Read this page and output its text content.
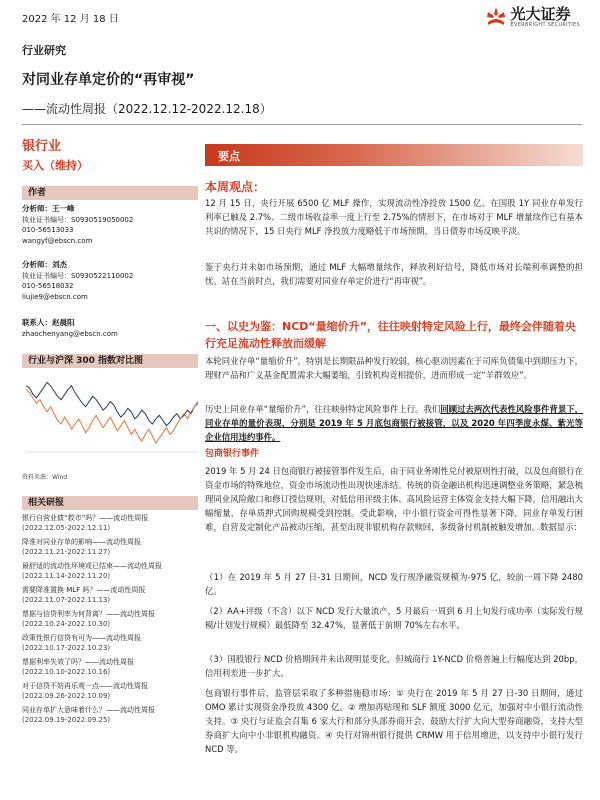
2022 年 12 月 18 日	光大证券
EVERBRIGHT SECURITIES
行业研究
对同业存单定价的“再审视”
——流动性周报（2022.12.12-2022.12.18）
银行业
买入（维持）
作者
分析师：王一峰
执业证书编号：S0930519050002
010-56513033
wangyf@ebscn.com
分析师：刘杰
执业证书编号：S0930522110002
010-56518032
liujie9@ebscn.com
联系人：赵晨阳
zhaochenyang@ebscn.com
行业与沪深 300 指数对比图
资料来源：Wind
相关研报
银行自营业债“救市”吗？——流动性周报
(2022.12.05-2022.12.11)
降准对同业存单的影响——流动性周报
(2022.11.21-2022.11.27)
最舒适的流动性环境或已结束——流动性周报
(2022.11.14-2022.11.20)
需要降准置换 MLF 吗？——流动性周报
(2022.11.07-2022.11.13)
票据与信贷利率为何背离？——流动性周报
(2022.10.24-2022.10.30)
政策性银行信贷有可为——流动性周报
(2022.10.17-2022.10.23)
票据利率失效了吗？——流动性周报
(2022.10.10-2022.10.16)
对于信贷不妨再乐观一点——流动性周报
(2022.09.26-2022.10.09)
同业存单扩大意味着什么？——流动性周报
(2022.09.19-2022.09.25)
要点
本周观点：
12 月 15 日，央行开展 6500 亿 MLF 操作，实现流动性净投放 1500 亿。在国股 1Y 同业存单发行利率已触及 2.7%、二级市场收益率一度上行至 2.75%的情形下，在市场对于 MLF 增量续作已有基本共识的情况下，15 日央行 MLF 净投放力度略低于市场预期，当日债券市场反映平淡。
鉴于央行并未如市场预期，通过 MLF 大幅增量续作，释放利好信号，降低市场对长端利率调整的担忧。站在当前时点，我们需要对同业存单定价进行“再审视”。
一、以史为鉴：NCD“量缩价升”，往往映射特定风险上行，最终会伴随着央行充足流动性释放而缓解
本轮同业存单“量缩价升”，特别是长期限品种发行较弱，核心驱动因素在于司库负债集中到期压力下，理财产品和广义基金配置需求大幅萎缩，引致机构竞相提价，进而形成一定“羊群效应”。
历史上同业存单“量缩价升”，往往映射特定风险事件上行。我们回顾过去两次代表性风险事件背景下，同业存单的量价表现，分别是 2019 年 5 月底包商银行被接管，以及 2020 年四季度永煤、紫光等企业信用违约事件。
包商银行事件
2019 年 5 月 24 日包商银行被接管事件发生后，由于同业务刚性兑付被原则性打破，以及包商银行在资金市场的特殊地位，资金市场流动性出现快速冻结。传统的资金融出机构迅速调整业务策略，紧急梳理同业风险敞口和修订授信规则，对低信用评级主体、高风险运营主体资金支持大幅下降，信用融出大幅缩量，存单质押式回购规模受到控制。受此影响，中小银行资金可得性显著下降，同业存单发行困难，自营及定制化产品被动压缩，甚至出现非银机构存款赎回，多级备付机制被触发增加。数据显示：
（1）在 2019 年 5 月 27 日-31 日期间，NCD 发行规净融资规模为-975 亿，较前一周下降 2480 亿。
（2）AA+评级（不含）以下 NCD 发行大量流产，5 月最后一周到 6 月上旬发行成功率（实际发行规模/计划发行规模）最低降至 32.47%，显著低于前期 70%左右水平。
（3）国股银行 NCD 价格期间并未出现明显变化，但城商行 1Y-NCD 价格普遍上行幅度达到 20bp，信用利差进一步扩大。
包商银行事件后，监管层采取了多种措施稳市场：① 央行在 2019 年 5 月 27 日-30 日期间，通过 OMO 累计实现资金净投放 4300 亿。② 增加再贴现和 SLF 额度 3000 亿元，加强对中小银行流动性支持。③ 央行与证监会召集 6 家大行和部分头部券商开会，鼓励大行扩大向大型券商融资，支持大型券商扩大向中小非银机构融资。④ 央行对锦州银行提供 CRMW 用于信用增进，以支持中小银行发行 NCD 等。
